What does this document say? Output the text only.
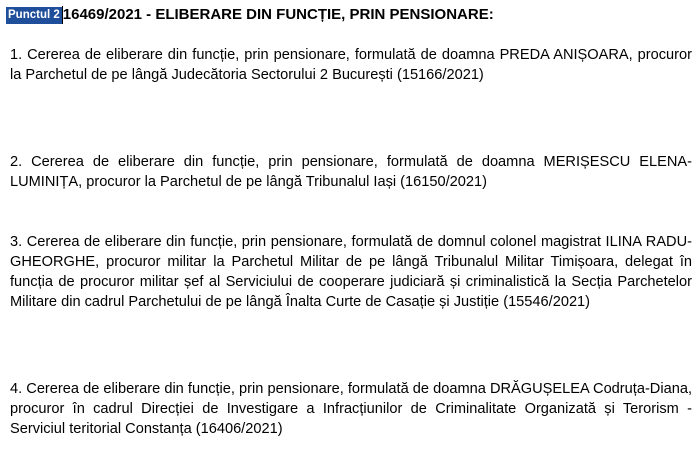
Punctul 2 16469/2021 - ELIBERARE DIN FUNCȚIE, PRIN PENSIONARE:

1. Cererea de eliberare din funcție, prin pensionare, formulată de doamna PREDA ANIȘOARA, procuror la Parchetul de pe lângă Judecătoria Sectorului 2 București (15166/2021)

2. Cererea de eliberare din funcție, prin pensionare, formulată de doamna MERIȘESCU ELENA-LUMINIȚA, procuror la Parchetul de pe lângă Tribunalul Iași (16150/2021)

3. Cererea de eliberare din funcție, prin pensionare, formulată de domnul colonel magistrat ILINA RADU-GHEORGHE, procuror militar la Parchetul Militar de pe lângă Tribunalul Militar Timișoara, delegat în funcția de procuror militar șef al Serviciului de cooperare judiciară și criminalistică la Secția Parchetelor Militare din cadrul Parchetului de pe lângă Înalta Curte de Casație și Justiție (15546/2021)

4. Cererea de eliberare din funcție, prin pensionare, formulată de doamna DRĂGUȘELEA Codruța-Diana, procuror în cadrul Direcției de Investigare a Infracțiunilor de Criminalitate Organizată și Terorism - Serviciul teritorial Constanța (16406/2021)
